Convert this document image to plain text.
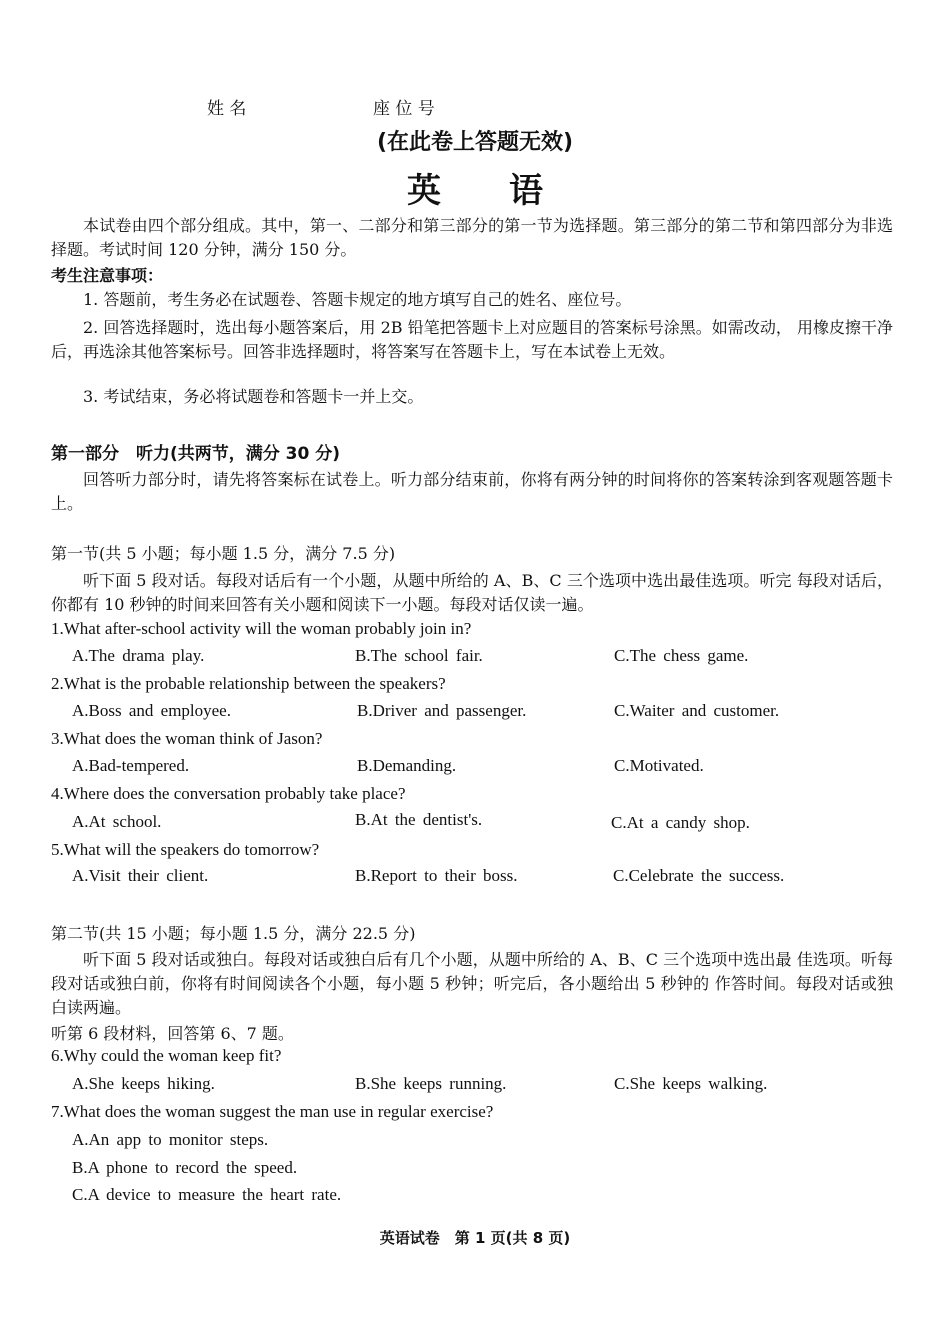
姓 名	座 位 号
(在此卷上答题无效)
英　　语
本试卷由四个部分组成。其中，第一、二部分和第三部分的第一节为选择题。第三部分的第二节和第四部分为非选择题。考试时间 120 分钟，满分 150 分。
考生注意事项：
1. 答题前，考生务必在试题卷、答题卡规定的地方填写自己的姓名、座位号。
2. 回答选择题时，选出每小题答案后，用 2B 铅笔把答题卡上对应题目的答案标号涂黑。如需改动， 用橡皮擦干净后，再选涂其他答案标号。回答非选择题时，将答案写在答题卡上，写在本试卷上无效。
3. 考试结束，务必将试题卷和答题卡一并上交。
第一部分　听力(共两节，满分 30 分)
回答听力部分时，请先将答案标在试卷上。听力部分结束前，你将有两分钟的时间将你的答案转涂到客观题答题卡上。
第一节(共 5 小题；每小题 1.5 分，满分 7.5 分)
听下面 5 段对话。每段对话后有一个小题，从题中所给的 A、B、C 三个选项中选出最佳选项。听完 每段对话后，你都有 10 秒钟的时间来回答有关小题和阅读下一小题。每段对话仅读一遍。
1.What after-school activity will the woman probably join in?
A.The drama play.	B.The school fair.	C.The chess game.
2.What is the probable relationship between the speakers?
A.Boss and employee.	B.Driver and passenger.	C.Waiter and customer.
3.What does the woman think of Jason?
A.Bad-tempered.	B.Demanding.	C.Motivated.
4.Where does the conversation probably take place?
A.At school.	B.At the dentist's.	C.At a candy shop.
5.What will the speakers do tomorrow?
A.Visit their client.	B.Report to their boss.	C.Celebrate the success.
第二节(共 15 小题；每小题 1.5 分，满分 22.5 分)
听下面 5 段对话或独白。每段对话或独白后有几个小题，从题中所给的 A、B、C 三个选项中选出最 佳选项。听每段对话或独白前，你将有时间阅读各个小题，每小题 5 秒钟；听完后，各小题给出 5 秒钟的 作答时间。每段对话或独白读两遍。
听第 6 段材料，回答第 6、7 题。
6.Why could the woman keep fit?
A.She keeps hiking.	B.She keeps running.	C.She keeps walking.
7.What does the woman suggest the man use in regular exercise?
A.An app to monitor steps.
B.A phone to record the speed.
C.A device to measure the heart rate.
英语试卷　第 1 页(共 8 页)
